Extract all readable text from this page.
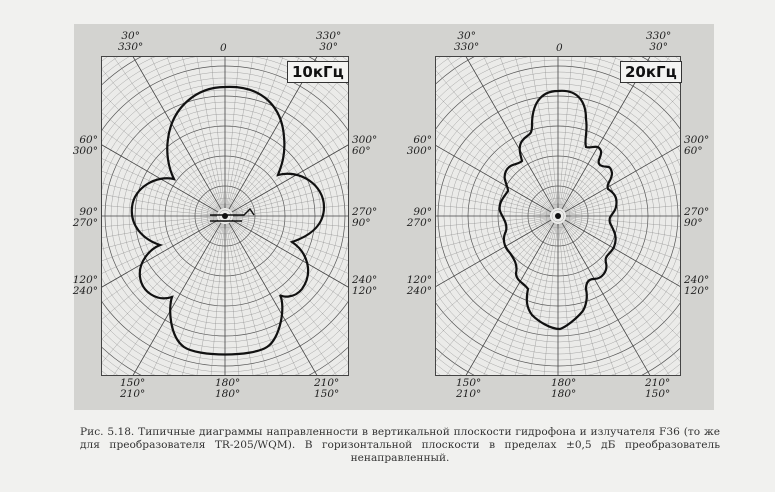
30°
330°	0
330°
30°
60°
300°
90°
270°
120°
240°
300°
60°
270°
90°
240°
120°
150°
210°
180°
180°
210°
150°
10кГц
30°
330°	0
330°
30°
60°
300°
90°
270°
120°
240°
300°
60°
270°
90°
240°
120°
150°
210°
180°
180°
210°
150°
20кГц
Рис. 5.18. Типичные диаграммы направленности в вертикальной плоскости гидрофона и излучателя F36 (то же для преобразователя TR-205/WQM). В горизонтальной плоскости в пределах ±0,5 дБ преобразователь ненаправленный.
